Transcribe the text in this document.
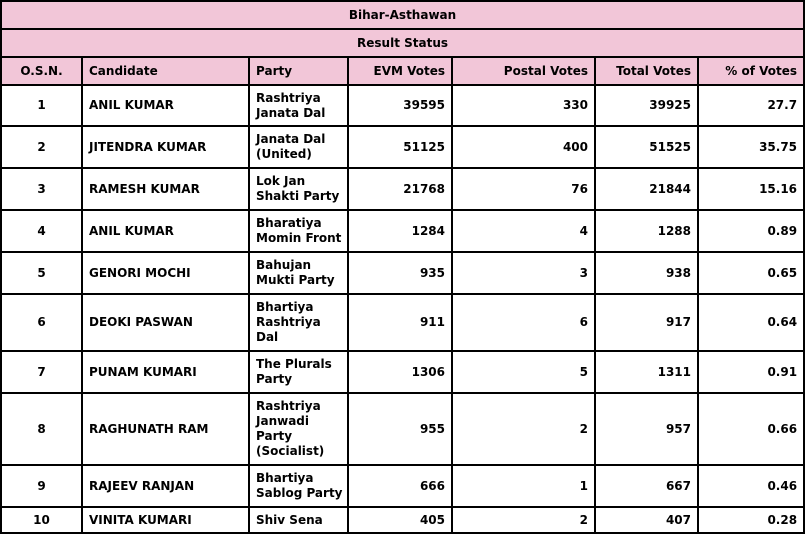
Bihar-Asthawan						
Result Status						
O.S.N.	Candidate	Party	EVM Votes	Postal Votes	Total Votes	% of Votes
1	ANIL KUMAR	Rashtriya Janata Dal	39595	330	39925	27.7
2	JITENDRA KUMAR	Janata Dal (United)	51125	400	51525	35.75
3	RAMESH KUMAR	Lok Jan Shakti Party	21768	76	21844	15.16
4	ANIL KUMAR	Bharatiya Momin Front	1284	4	1288	0.89
5	GENORI MOCHI	Bahujan Mukti Party	935	3	938	0.65
6	DEOKI PASWAN	Bhartiya Rashtriya Dal	911	6	917	0.64
7	PUNAM KUMARI	The Plurals Party	1306	5	1311	0.91
8	RAGHUNATH RAM	Rashtriya Janwadi Party (Socialist)	955	2	957	0.66
9	RAJEEV RANJAN	Bhartiya Sablog Party	666	1	667	0.46
10	VINITA KUMARI	Shiv Sena	405	2	407	0.28
